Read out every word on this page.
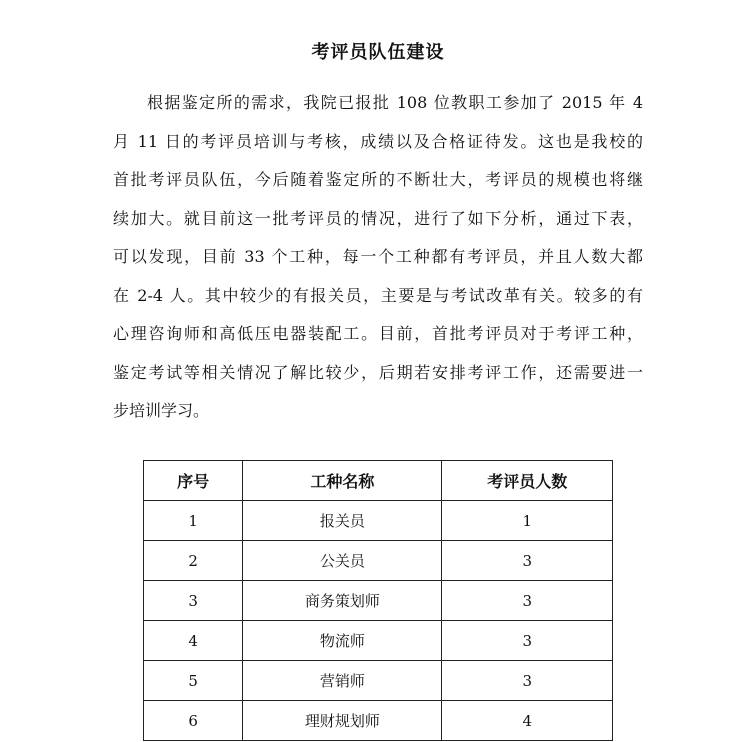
考评员队伍建设
根据鉴定所的需求，我院已报批 108 位教职工参加了 2015 年 4
月 11 日的考评员培训与考核，成绩以及合格证待发。这也是我校的
首批考评员队伍，今后随着鉴定所的不断壮大，考评员的规模也将继
续加大。就目前这一批考评员的情况，进行了如下分析，通过下表，
可以发现，目前 33 个工种，每一个工种都有考评员，并且人数大都
在 2-4 人。其中较少的有报关员，主要是与考试改革有关。较多的有
心理咨询师和高低压电器装配工。目前，首批考评员对于考评工种，
鉴定考试等相关情况了解比较少，后期若安排考评工作，还需要进一
步培训学习。
序号	工种名称	考评员人数
1	报关员	1
2	公关员	3
3	商务策划师	3
4	物流师	3
5	营销师	3
6	理财规划师	4
